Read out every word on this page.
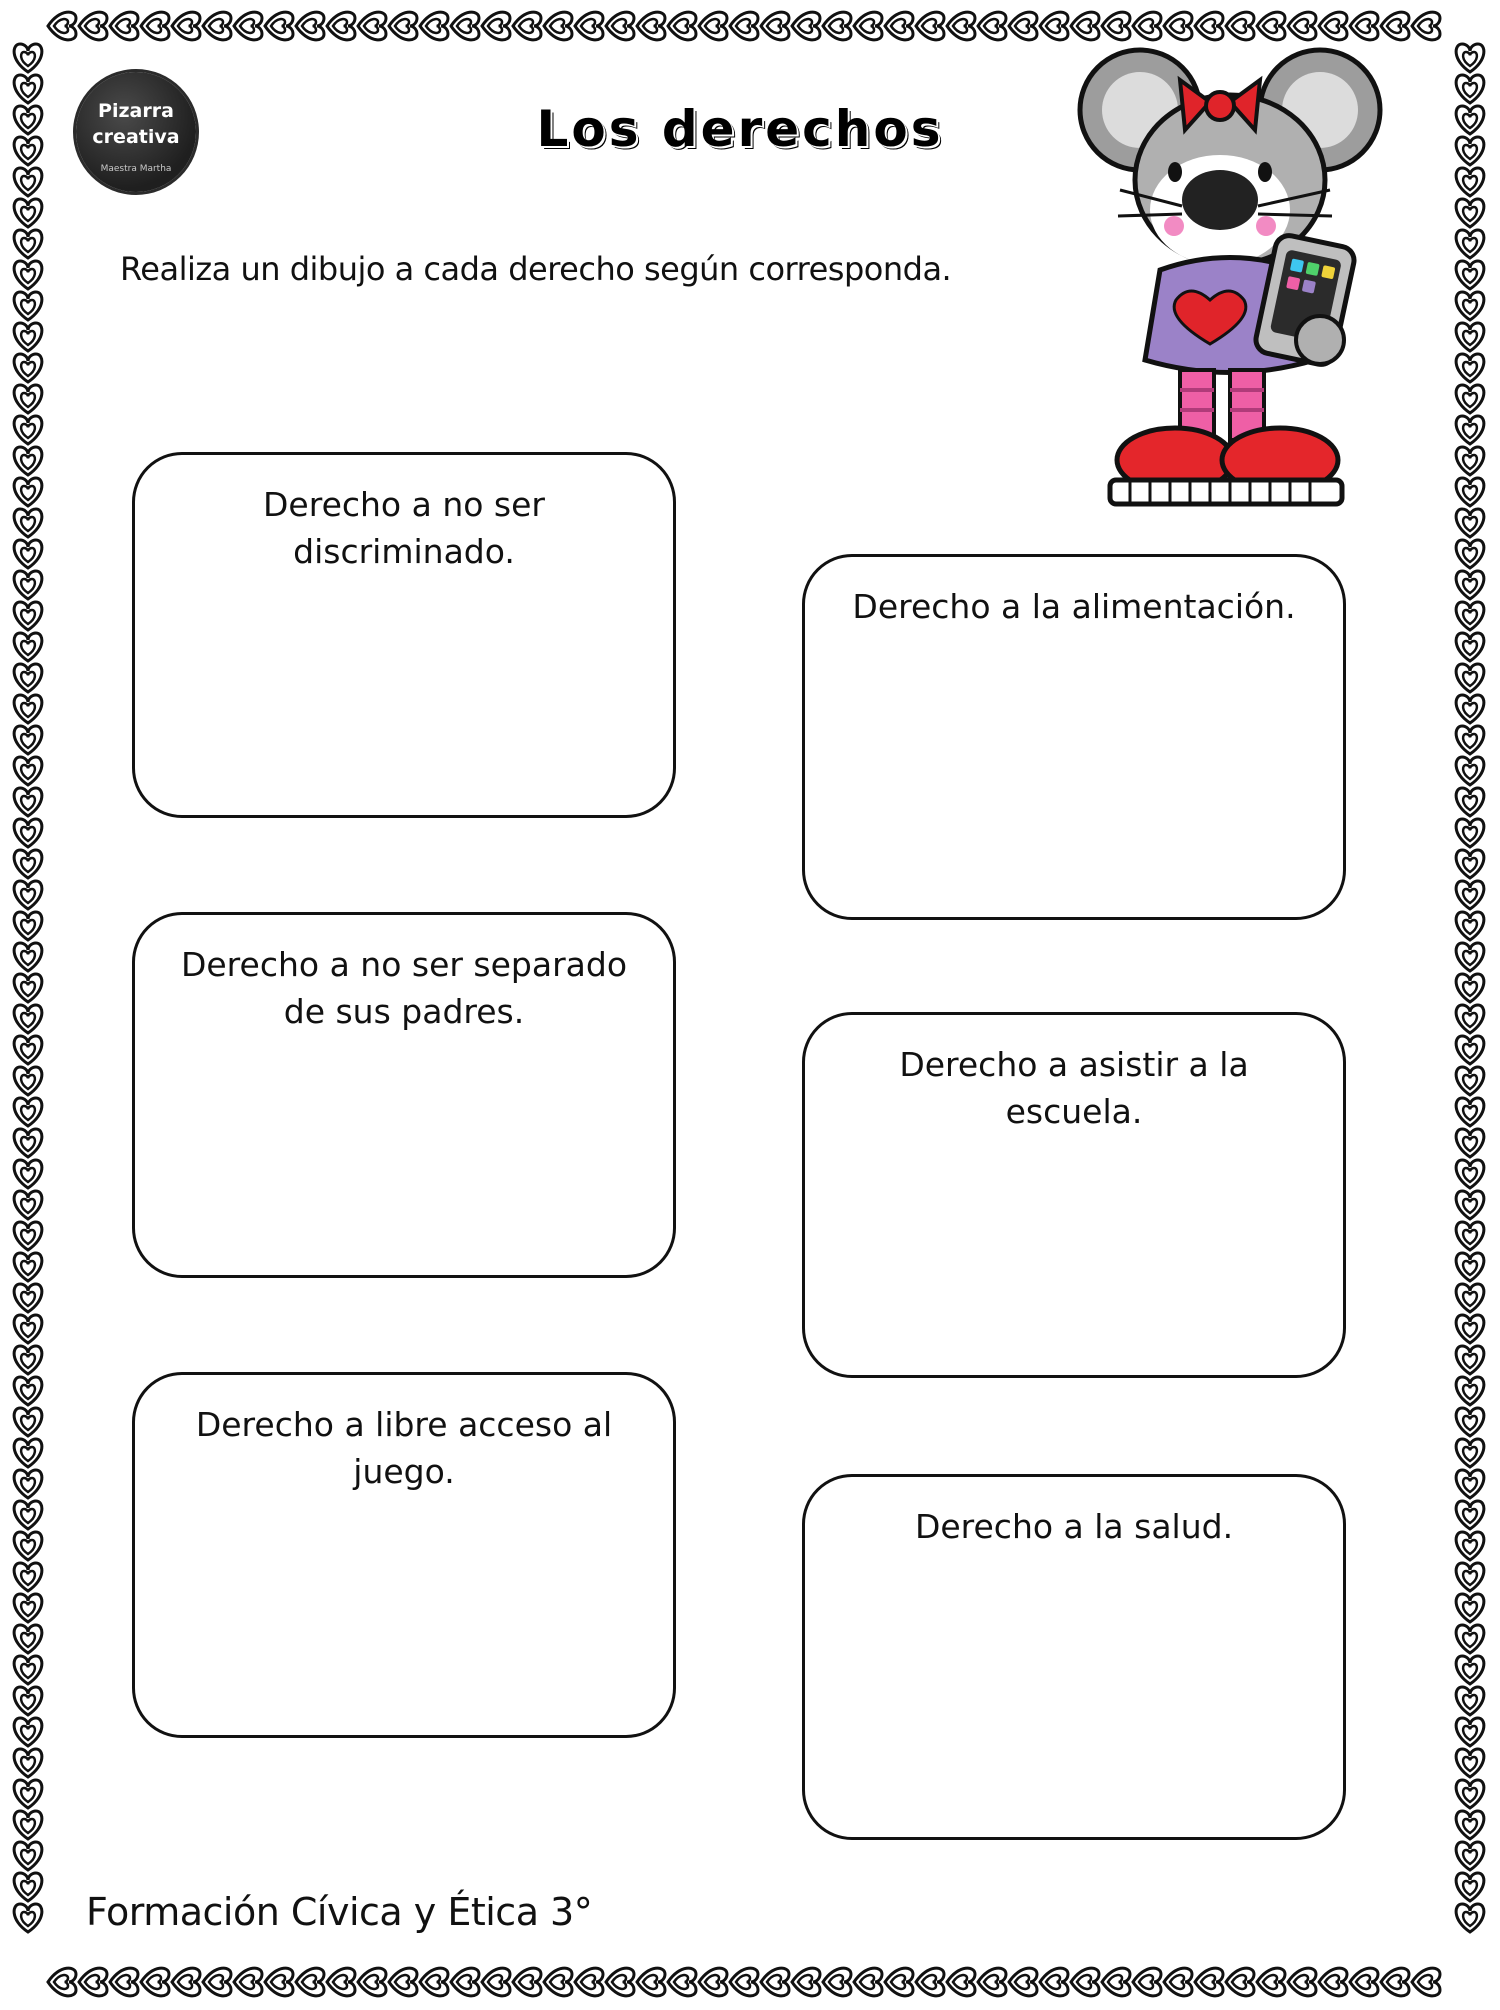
Pizarra
creativa
Maestra Martha
Los derechos
Realiza un dibujo a cada derecho según corresponda.
Derecho a no ser discriminado.
Derecho a la alimentación.
Derecho a no ser separado de sus padres.
Derecho a asistir a la escuela.
Derecho a libre acceso al juego.
Derecho a la salud.
Formación Cívica y Ética 3°
